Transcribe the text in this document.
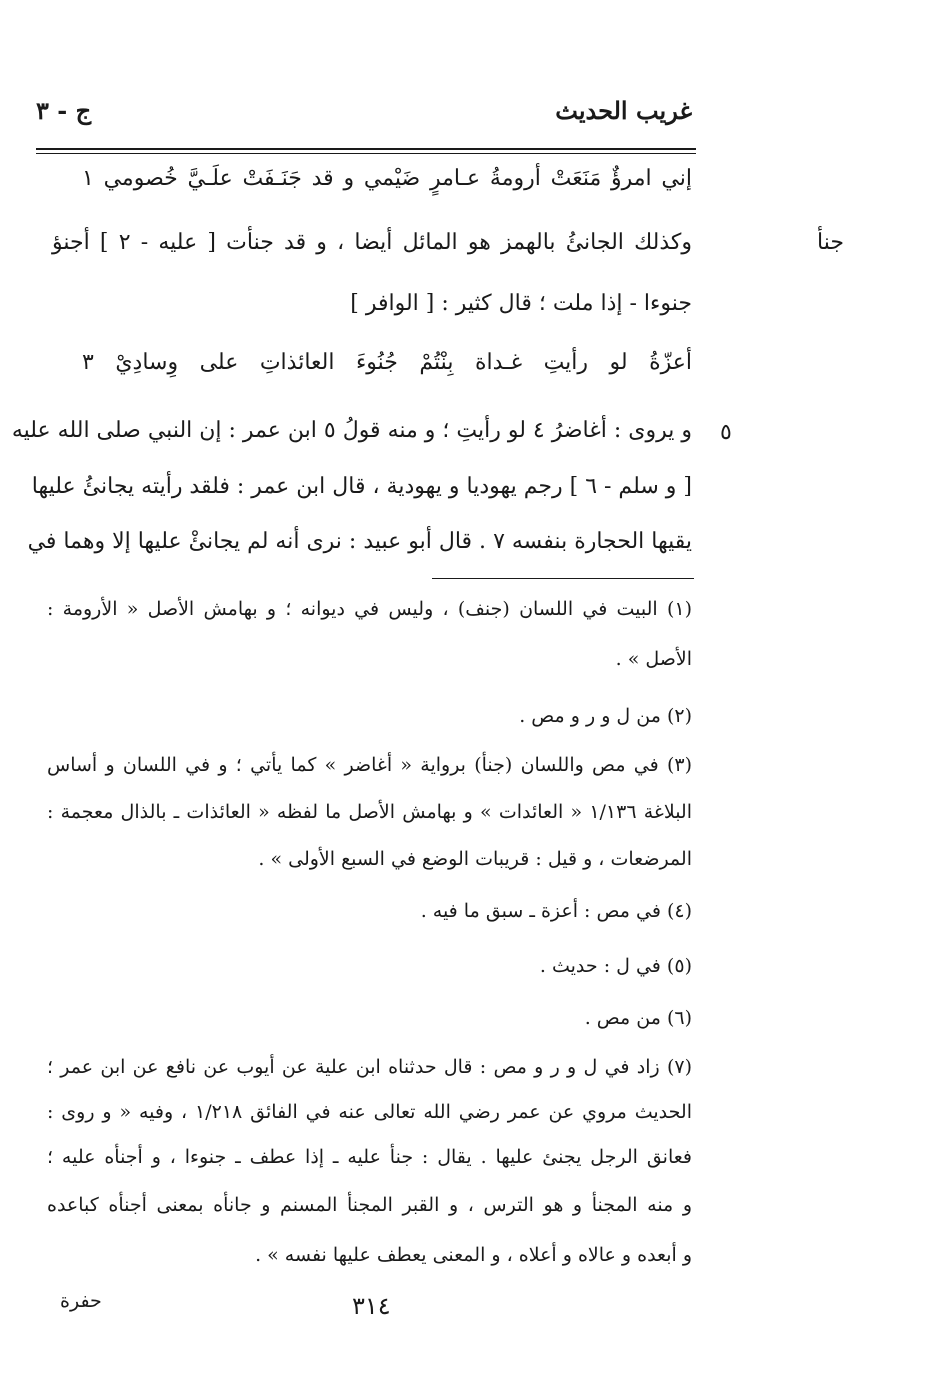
غريب الحديث
ج - ٣
جنأ
٥
إني امرؤٌ مَنَعَتْ أرومةُ عـامرٍ ضَيْمي و قد جَنَـفَتْ علَـيَّ خُصومي ١
وكذلك الجانئُ بالهمز هو المائل أيضا ، و قد جنأت [ عليه - ٢ ] أجنؤ
جنوءا - إذا ملت ؛ قال كثير : [ الوافر ]
أعزّةُ لو رأيتِ غـداة بِنْتُمْ جُنُوءَ العائذاتِ على وِسادِيْ ٣
و يروى : أغاضرُ ٤ لو رأيتِ ؛ و منه قولُ ٥ ابن عمر : إن النبي صلى الله عليه
[ و سلم - ٦ ] رجم يهوديا و يهودية ، قال ابن عمر : فلقد رأيته يجانئُ عليها
يقيها الحجارة بنفسه ٧ . قال أبو عبيد : نرى أنه لم يجانئْ عليها إلا وهما في
(١) البيت في اللسان (جنف) ، وليس في ديوانه ؛ و بهامش الأصل « الأرومة :
الأصل » .
(٢) من ل و ر و مص .
(٣) في مص واللسان (جنأ) برواية « أغاضر » كما يأتي ؛ و في اللسان و أساس
البلاغة ١/١٣٦ « العائدات » و بهامش الأصل ما لفظه « العائذات ـ بالذال معجمة :
المرضعات ، و قيل : قريبات الوضع في السبع الأولى » .
(٤) في مص : أعزة ـ سبق ما فيه .
(٥) في ل : حديث .
(٦) من مص .
(٧) زاد في ل و ر و مص : قال حدثناه ابن علية عن أيوب عن نافع عن ابن عمر ؛
الحديث مروي عن عمر رضي الله تعالى عنه في الفائق ١/٢١٨ ، وفيه « و روى :
فعانق الرجل يجنئ عليها . يقال : جنأ عليه ـ إذا عطف ـ جنوءا ، و أجنأه عليه ؛
و منه المجنأ و هو الترس ، و القبر المجنأ المسنم و جانأه بمعنى أجنأه كباعده
و أبعده و عالاه و أعلاه ، و المعنى يعطف عليها نفسه » .
٣١٤
حفرة
